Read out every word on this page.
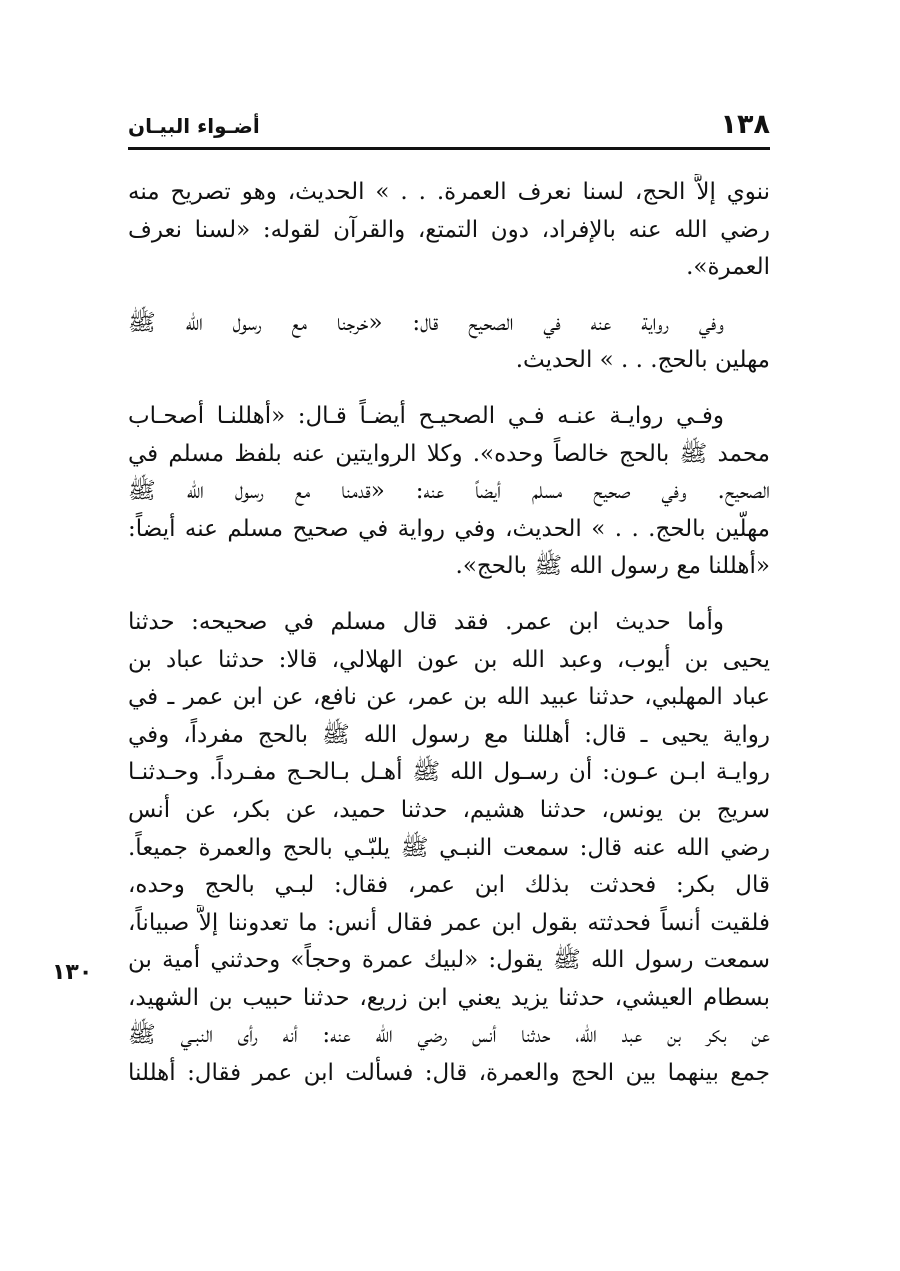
١٣٨
أضـواء البيـان
١٣٠
ننوي إلاَّ الحج، لسنا نعرف العمرة. . . » الحديث، وهو تصريح منه
رضي الله عنه بالإفراد، دون التمتع، والقرآن لقوله: «لسنا نعرف
العمرة».
وفي رواية عنه في الصحيح قال: «خرجنا مع رسول الله ﷺ
مهلين بالحج. . . » الحديث.
وفـي روايـة عنـه فـي الصحيـح أيضـاً قـال: «أهللنـا أصحـاب
محمد ﷺ بالحج خالصاً وحده». وكلا الروايتين عنه بلفظ مسلم في
الصحيح. وفي صحيح مسلم أيضاً عنه: «قدمنا مع رسول الله ﷺ
مهلّين بالحج. . . » الحديث، وفي رواية في صحيح مسلم عنه أيضاً:
«أهللنا مع رسول الله ﷺ بالحج».
وأما حديث ابن عمر. فقد قال مسلم في صحيحه: حدثنا
يحيى بن أيوب، وعبد الله بن عون الهلالي، قالا: حدثنا عباد بن
عباد المهلبي، حدثنا عبيد الله بن عمر، عن نافع، عن ابن عمر ـ في
رواية يحيى ـ قال: أهللنا مع رسول الله ﷺ بالحج مفرداً، وفي
روايـة ابـن عـون: أن رسـول الله ﷺ أهـل بـالحـج مفـرداً. وحـدثنـا
سريج بن يونس، حدثنا هشيم، حدثنا حميد، عن بكر، عن أنس
رضي الله عنه قال: سمعت النبـي ﷺ يلبّـي بالحج والعمرة جميعاً.
قال بكر: فحدثت بذلك ابن عمر، فقال: لبـي بالحج وحده،
فلقيت أنساً فحدثته بقول ابن عمر فقال أنس: ما تعدوننا إلاَّ صبياناً،
سمعت رسول الله ﷺ يقول: «لبيك عمرة وحجاً» وحدثني أمية بن
بسطام العيشي، حدثنا يزيد يعني ابن زريع، حدثنا حبيب بن الشهيد،
عن بكر بن عبد الله، حدثنا أنس رضي الله عنه: أنه رأى النبـي ﷺ
جمع بينهما بين الحج والعمرة، قال: فسألت ابن عمر فقال: أهللنا
